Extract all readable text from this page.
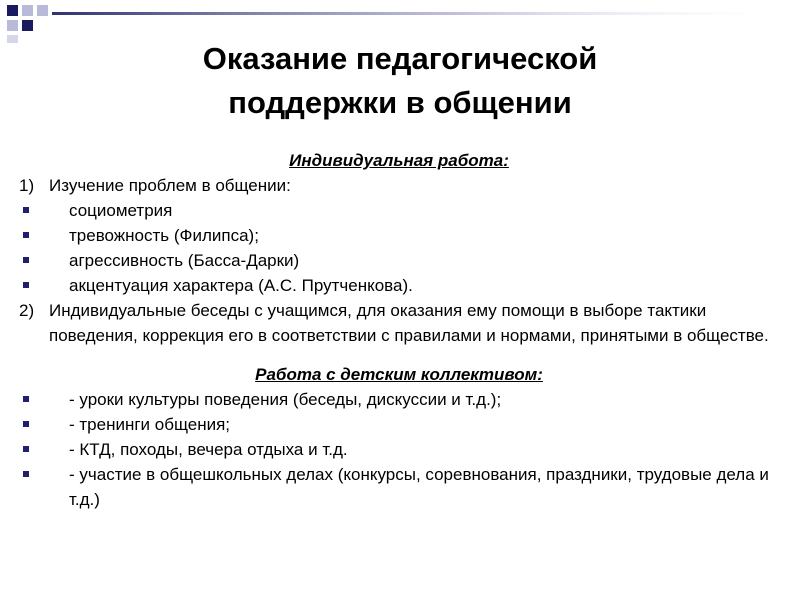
Оказание педагогической
поддержки в общении

Индивидуальная работа:

1) Изучение проблем в общении:

социометрия
тревожность (Филипса);
агрессивность (Басса-Дарки)
акцентуация характера (А.С. Прутченкова).

2) Индивидуальные беседы с учащимся, для оказания ему помощи в выборе тактики поведения, коррекция его в соответствии с правилами и нормами, принятыми в обществе.

Работа с детским коллективом:

- уроки культуры поведения (беседы, дискуссии и т.д.);
- тренинги общения;
- КТД, походы, вечера отдыха и т.д.
- участие в общешкольных делах (конкурсы, соревнования, праздники, трудовые дела и т.д.)
